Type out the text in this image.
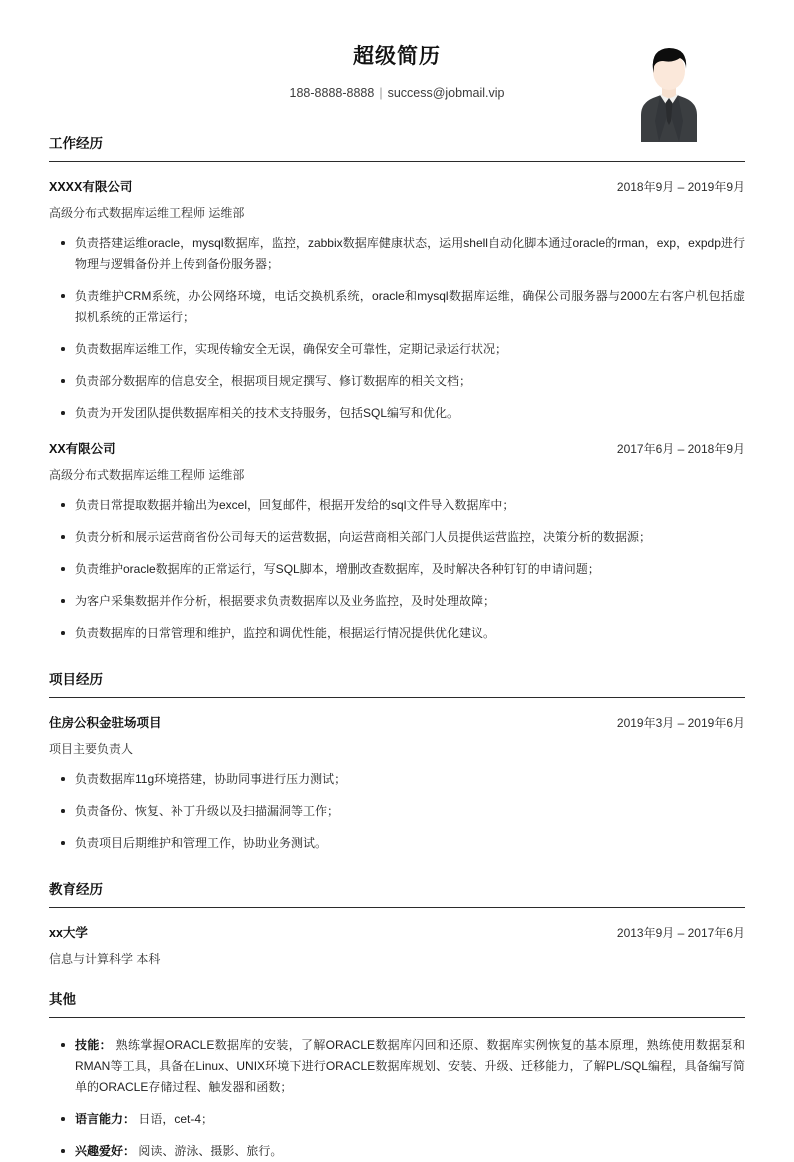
超级简历
188-8888-8888 | success@jobmail.vip
工作经历
XXXX有限公司	2018年9月 – 2019年9月
高级分布式数据库运维工程师 运维部
负责搭建运维oracle，mysql数据库，监控，zabbix数据库健康状态，运用shell自动化脚本通过oracle的rman，exp，expdp进行物理与逻辑备份并上传到备份服务器；
负责维护CRM系统，办公网络环境，电话交换机系统，oracle和mysql数据库运维，确保公司服务器与2000左右客户机包括虚拟机系统的正常运行；
负责数据库运维工作，实现传输安全无误，确保安全可靠性，定期记录运行状况；
负责部分数据库的信息安全，根据项目规定撰写、修订数据库的相关文档；
负责为开发团队提供数据库相关的技术支持服务，包括SQL编写和优化。
XX有限公司	2017年6月 – 2018年9月
高级分布式数据库运维工程师 运维部
负责日常提取数据并输出为excel，回复邮件，根据开发给的sql文件导入数据库中；
负责分析和展示运营商省份公司每天的运营数据，向运营商相关部门人员提供运营监控，决策分析的数据源；
负责维护oracle数据库的正常运行，写SQL脚本，增删改查数据库，及时解决各种钉钉的申请问题；
为客户采集数据并作分析，根据要求负责数据库以及业务监控，及时处理故障；
负责数据库的日常管理和维护，监控和调优性能，根据运行情况提供优化建议。
项目经历
住房公积金驻场项目	2019年3月 – 2019年6月
项目主要负责人
负责数据库11g环境搭建，协助同事进行压力测试；
负责备份、恢复、补丁升级以及扫描漏洞等工作；
负责项目后期维护和管理工作，协助业务测试。
教育经历
xx大学	2013年9月 – 2017年6月
信息与计算科学 本科
其他
技能： 熟练掌握ORACLE数据库的安装，了解ORACLE数据库闪回和还原、数据库实例恢复的基本原理，熟练使用数据泵和RMAN等工具，具备在Linux、UNIX环境下进行ORACLE数据库规划、安装、升级、迁移能力，了解PL/SQL编程，具备编写简单的ORACLE存储过程、触发器和函数；
语言能力： 日语，cet-4；
兴趣爱好： 阅读、游泳、摄影、旅行。
